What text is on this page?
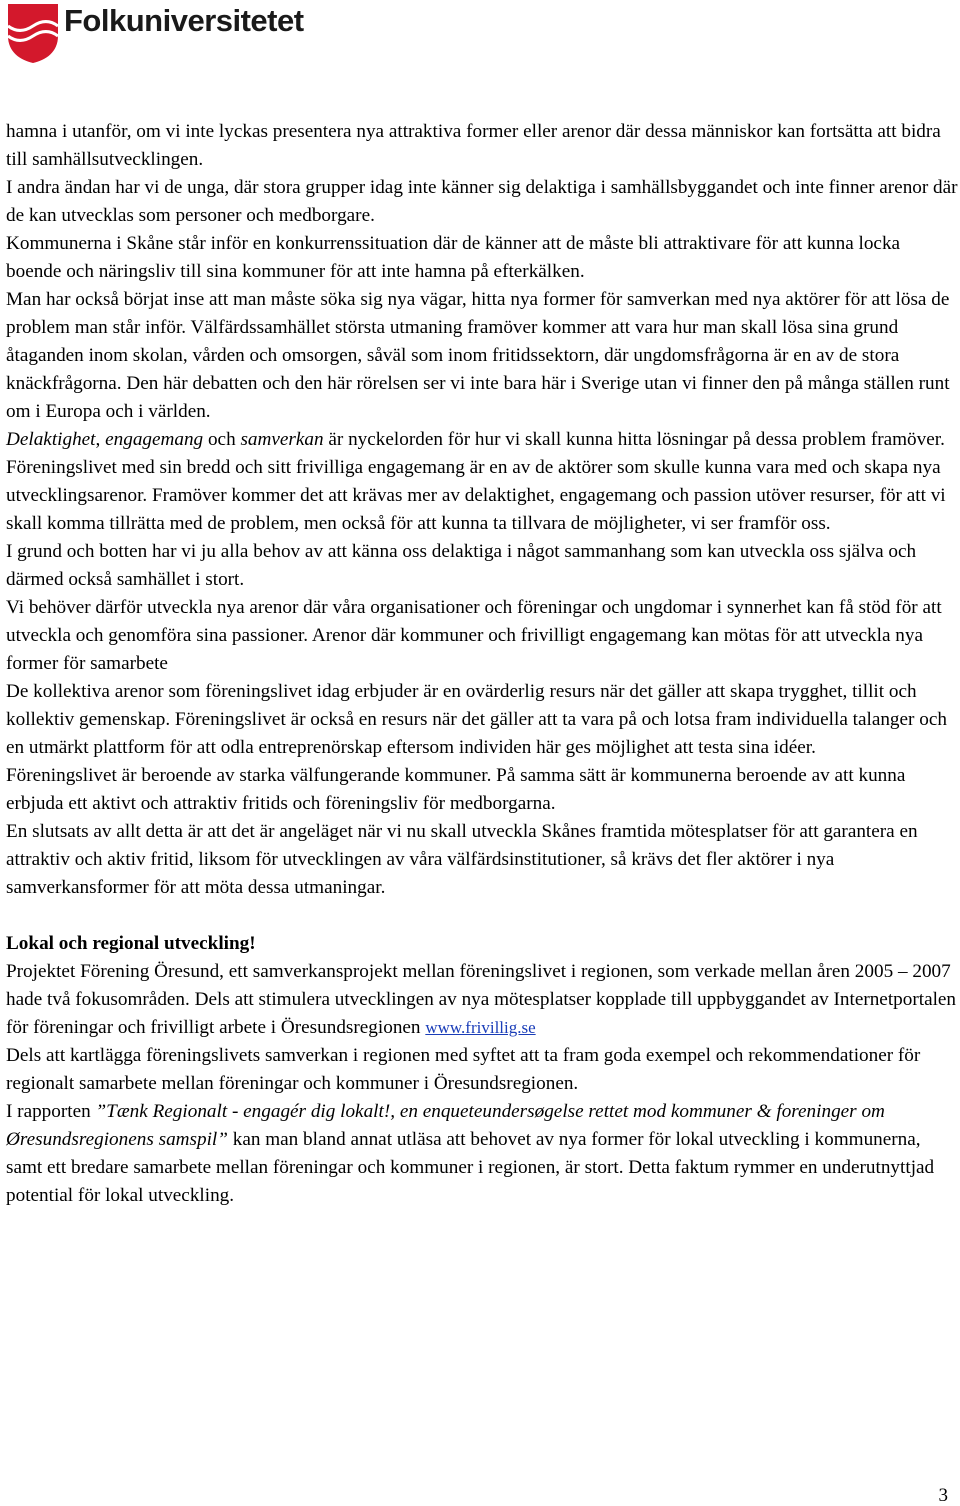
Folkuniversitetet

hamna i utanför, om vi inte lyckas presentera nya attraktiva former eller arenor där dessa människor kan fortsätta att bidra till samhällsutvecklingen.

I andra ändan har vi de unga, där stora grupper idag inte känner sig delaktiga i samhällsbyggandet och inte finner arenor där de kan utvecklas som personer och medborgare.

Kommunerna i Skåne står inför en konkurrenssituation där de känner att de måste bli attraktivare för att kunna locka boende och näringsliv till sina kommuner för att inte hamna på efterkälken.

Man har också börjat inse att man måste söka sig nya vägar, hitta nya former för samverkan med nya aktörer för att lösa de problem man står inför. Välfärdssamhället största utmaning framöver kommer att vara hur man skall lösa sina grund åtaganden inom skolan, vården och omsorgen, såväl som inom fritidssektorn, där ungdomsfrågorna är en av de stora knäckfrågorna. Den här debatten och den här rörelsen ser vi inte bara här i Sverige utan vi finner den på många ställen runt om i Europa och i världen.

Delaktighet, engagemang och samverkan är nyckelorden för hur vi skall kunna hitta lösningar på dessa problem framöver.

Föreningslivet med sin bredd och sitt frivilliga engagemang är en av de aktörer som skulle kunna vara med och skapa nya utvecklingsarenor. Framöver kommer det att krävas mer av delaktighet, engagemang och passion utöver resurser, för att vi skall komma tillrätta med de problem, men också för att kunna ta tillvara de möjligheter, vi ser framför oss.

I grund och botten har vi ju alla behov av att känna oss delaktiga i något sammanhang som kan utveckla oss själva och därmed också samhället i stort.

Vi behöver därför utveckla nya arenor där våra organisationer och föreningar och ungdomar i synnerhet kan få stöd för att utveckla och genomföra sina passioner. Arenor där kommuner och frivilligt engagemang kan mötas för att utveckla nya former för samarbete

De kollektiva arenor som föreningslivet idag erbjuder är en ovärderlig resurs när det gäller att skapa trygghet, tillit och kollektiv gemenskap. Föreningslivet är också en resurs när det gäller att ta vara på och lotsa fram individuella talanger och en utmärkt plattform för att odla entreprenörskap eftersom individen här ges möjlighet att testa sina idéer.

Föreningslivet är beroende av starka välfungerande kommuner. På samma sätt är kommunerna beroende av att kunna erbjuda ett aktivt och attraktiv fritids och föreningsliv för medborgarna.

En slutsats av allt detta är att det är angeläget när vi nu skall utveckla Skånes framtida mötesplatser för att garantera en attraktiv och aktiv fritid, liksom för utvecklingen av våra välfärdsinstitutioner, så krävs det fler aktörer i nya samverkansformer för att möta dessa utmaningar.

Lokal och regional utveckling!

Projektet Förening Öresund, ett samverkansprojekt mellan föreningslivet i regionen, som verkade mellan åren 2005 – 2007 hade två fokusområden. Dels att stimulera utvecklingen av nya mötesplatser kopplade till uppbyggandet av Internetportalen för föreningar och frivilligt arbete i Öresundsregionen www.frivillig.se

Dels att kartlägga föreningslivets samverkan i regionen med syftet att ta fram goda exempel och rekommendationer för regionalt samarbete mellan föreningar och kommuner i Öresundsregionen.

I rapporten ”Tænk Regionalt - engagér dig lokalt!, en enqueteundersøgelse rettet mod kommuner & foreninger om Øresundsregionens samspil” kan man bland annat utläsa att behovet av nya former för lokal utveckling i kommunerna, samt ett bredare samarbete mellan föreningar och kommuner i regionen, är stort. Detta faktum rymmer en underutnyttjad potential för lokal utveckling.

3
